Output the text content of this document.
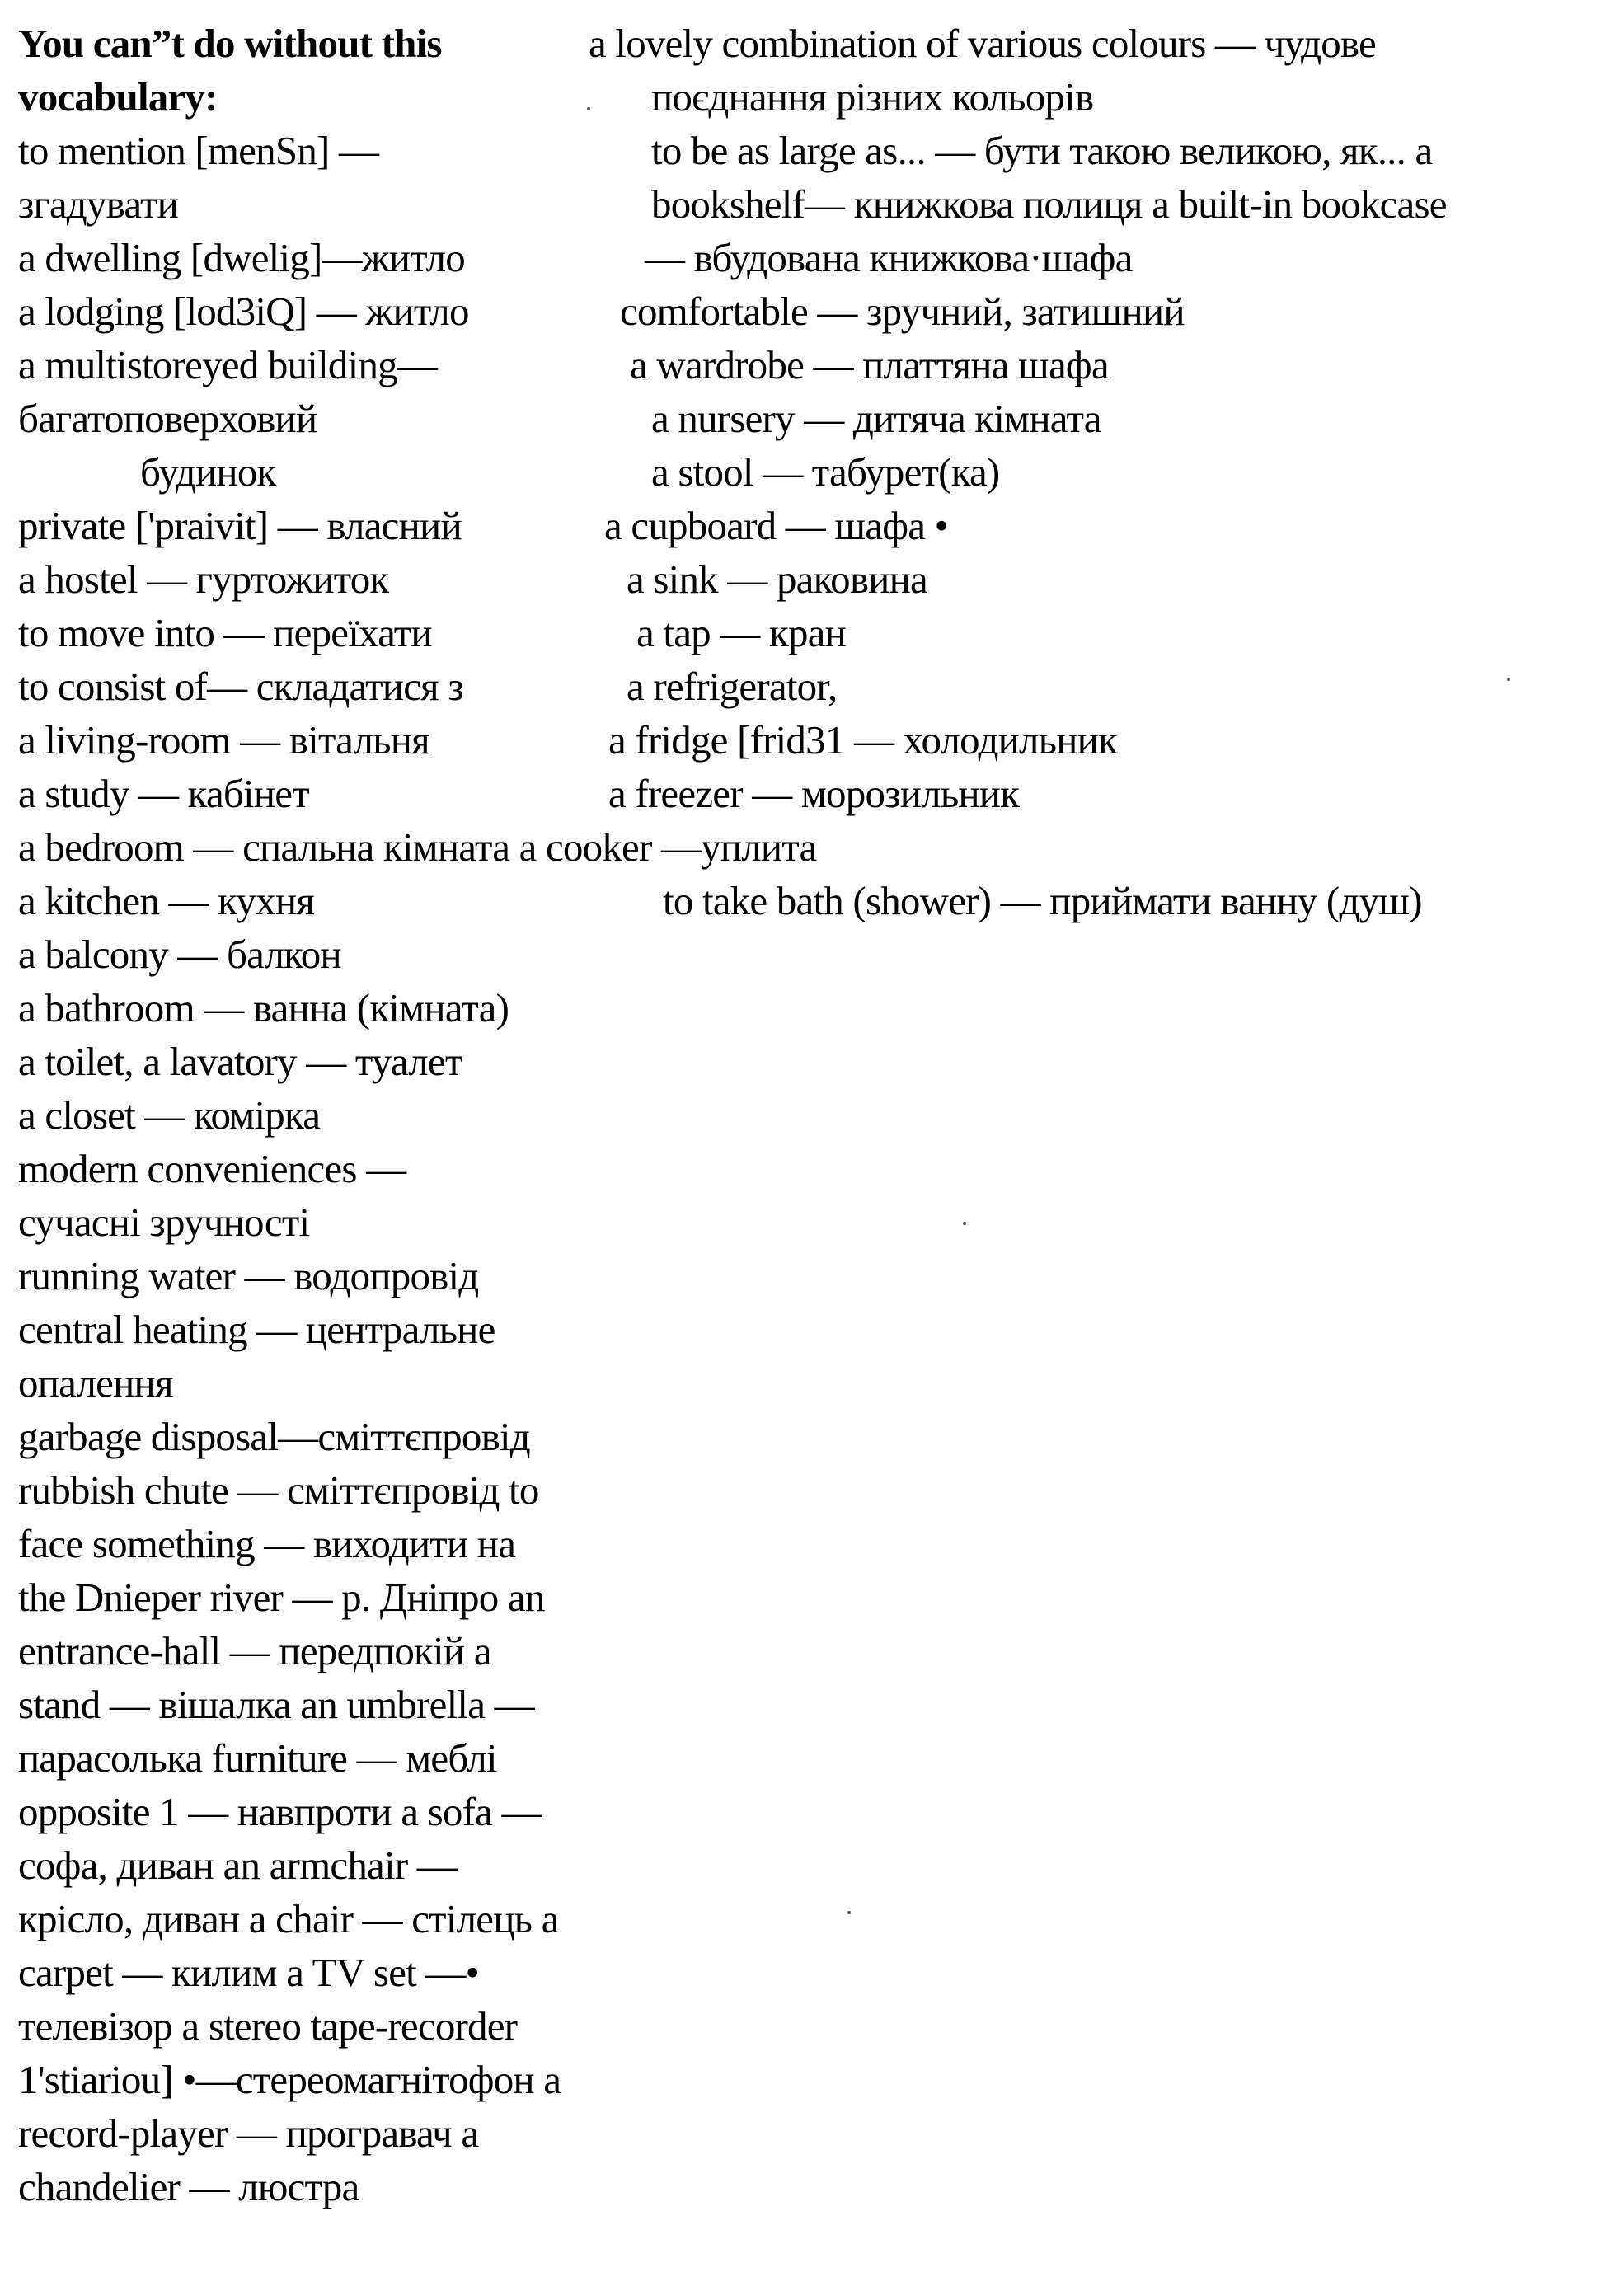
You can”t do without this
vocabulary:
to mention [menSn] —
згадувати
a dwelling [dwelig]—житло
a lodging [lod3iQ] — житло
a multistoreyed building—
багатоповерховий
будинок
private ['praivit] — власний
a hostel — гуртожиток
to move into — переїхати
to consist of— складатися з
a living-room — вітальня
a study — кабінет
a bedroom — спальна кімната a cooker —уплита
a kitchen — кухня
a balcony — балкон
a bathroom — ванна (кімната)
a toilet, a lavatory — туалет
a closet — комірка
modern conveniences —
сучасні зручності
running water — водопровід
central heating — центральне
опалення
garbage disposal—сміттєпровід
rubbish chute — сміттєпровід to
face something — виходити на
the Dnieper river — р. Дніпро an
entrance-hall — передпокій a
stand — вішалка an umbrella —
парасолька furniture — меблі
opposite 1 — навпроти a sofa —
софа, диван an armchair —
крісло, диван a chair — стілець a
carpet — килим a TV set —•
телевізор a stereo tape-recorder
1'stiariou] •—стереомагнітофон a
record-player — програвач a
chandelier — люстра
a lovely combination of various colours — чудове
поєднання різних кольорів
to be as large as... — бути такою великою, як... a
bookshelf— книжкова полиця a built-in bookcase
— вбудована книжкова·шафа
comfortable — зручний, затишний
a wardrobe — платтяна шафа
a nursery — дитяча кімната
a stool — табурет(ка)
a cupboard — шафа •
a sink — раковина
a tap — кран
a refrigerator,
a fridge [frid31 — холодильник
a freezer — морозильник
to take bath (shower) — приймати ванну (душ)
